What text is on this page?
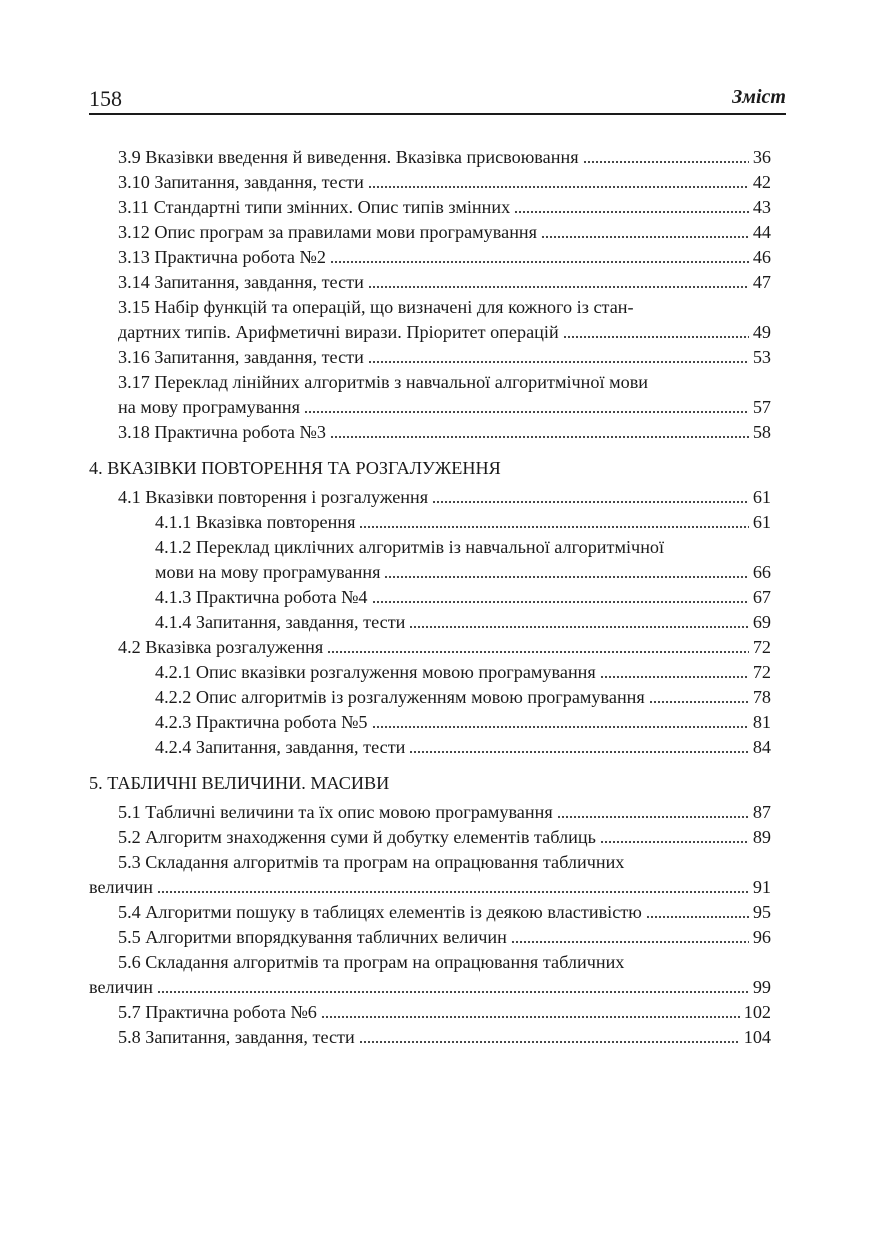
158	Зміст
3.9 Вказівки введення й виведення. Вказівка присвоювання	36
3.10 Запитання, завдання, тести	42
3.11 Стандартні типи змінних. Опис типів змінних	43
3.12 Опис програм за правилами мови програмування	44
3.13 Практична робота №2	46
3.14 Запитання, завдання, тести	47
3.15 Набір функцій та операцій, що визначені для кожного із стан-
дартних типів. Арифметичні вирази. Пріоритет операцій	49
3.16 Запитання, завдання, тести	53
3.17 Переклад лінійних алгоритмів з навчальної алгоритмічної мови
на мову програмування	57
3.18 Практична робота №3	58
4. ВКАЗІВКИ ПОВТОРЕННЯ ТА РОЗГАЛУЖЕННЯ
4.1 Вказівки повторення і розгалуження	61
4.1.1 Вказівка повторення	61
4.1.2 Переклад циклічних алгоритмів із навчальної алгоритмічної
мови на мову програмування	66
4.1.3 Практична робота №4	67
4.1.4 Запитання, завдання, тести	69
4.2 Вказівка розгалуження	72
4.2.1 Опис вказівки розгалуження мовою програмування	72
4.2.2 Опис алгоритмів із розгалуженням мовою програмування	78
4.2.3 Практична робота №5	81
4.2.4 Запитання, завдання, тести	84
5. ТАБЛИЧНІ ВЕЛИЧИНИ. МАСИВИ
5.1 Табличні величини та їх опис мовою програмування	87
5.2 Алгоритм знаходження суми й добутку елементів таблиць	89
5.3 Складання алгоритмів та програм на опрацювання табличних
величин	91
5.4 Алгоритми пошуку в таблицях елементів із деякою властивістю	95
5.5 Алгоритми впорядкування табличних величин	96
5.6 Складання алгоритмів та програм на опрацювання табличних
величин	99
5.7 Практична робота №6	102
5.8 Запитання, завдання, тести	104
